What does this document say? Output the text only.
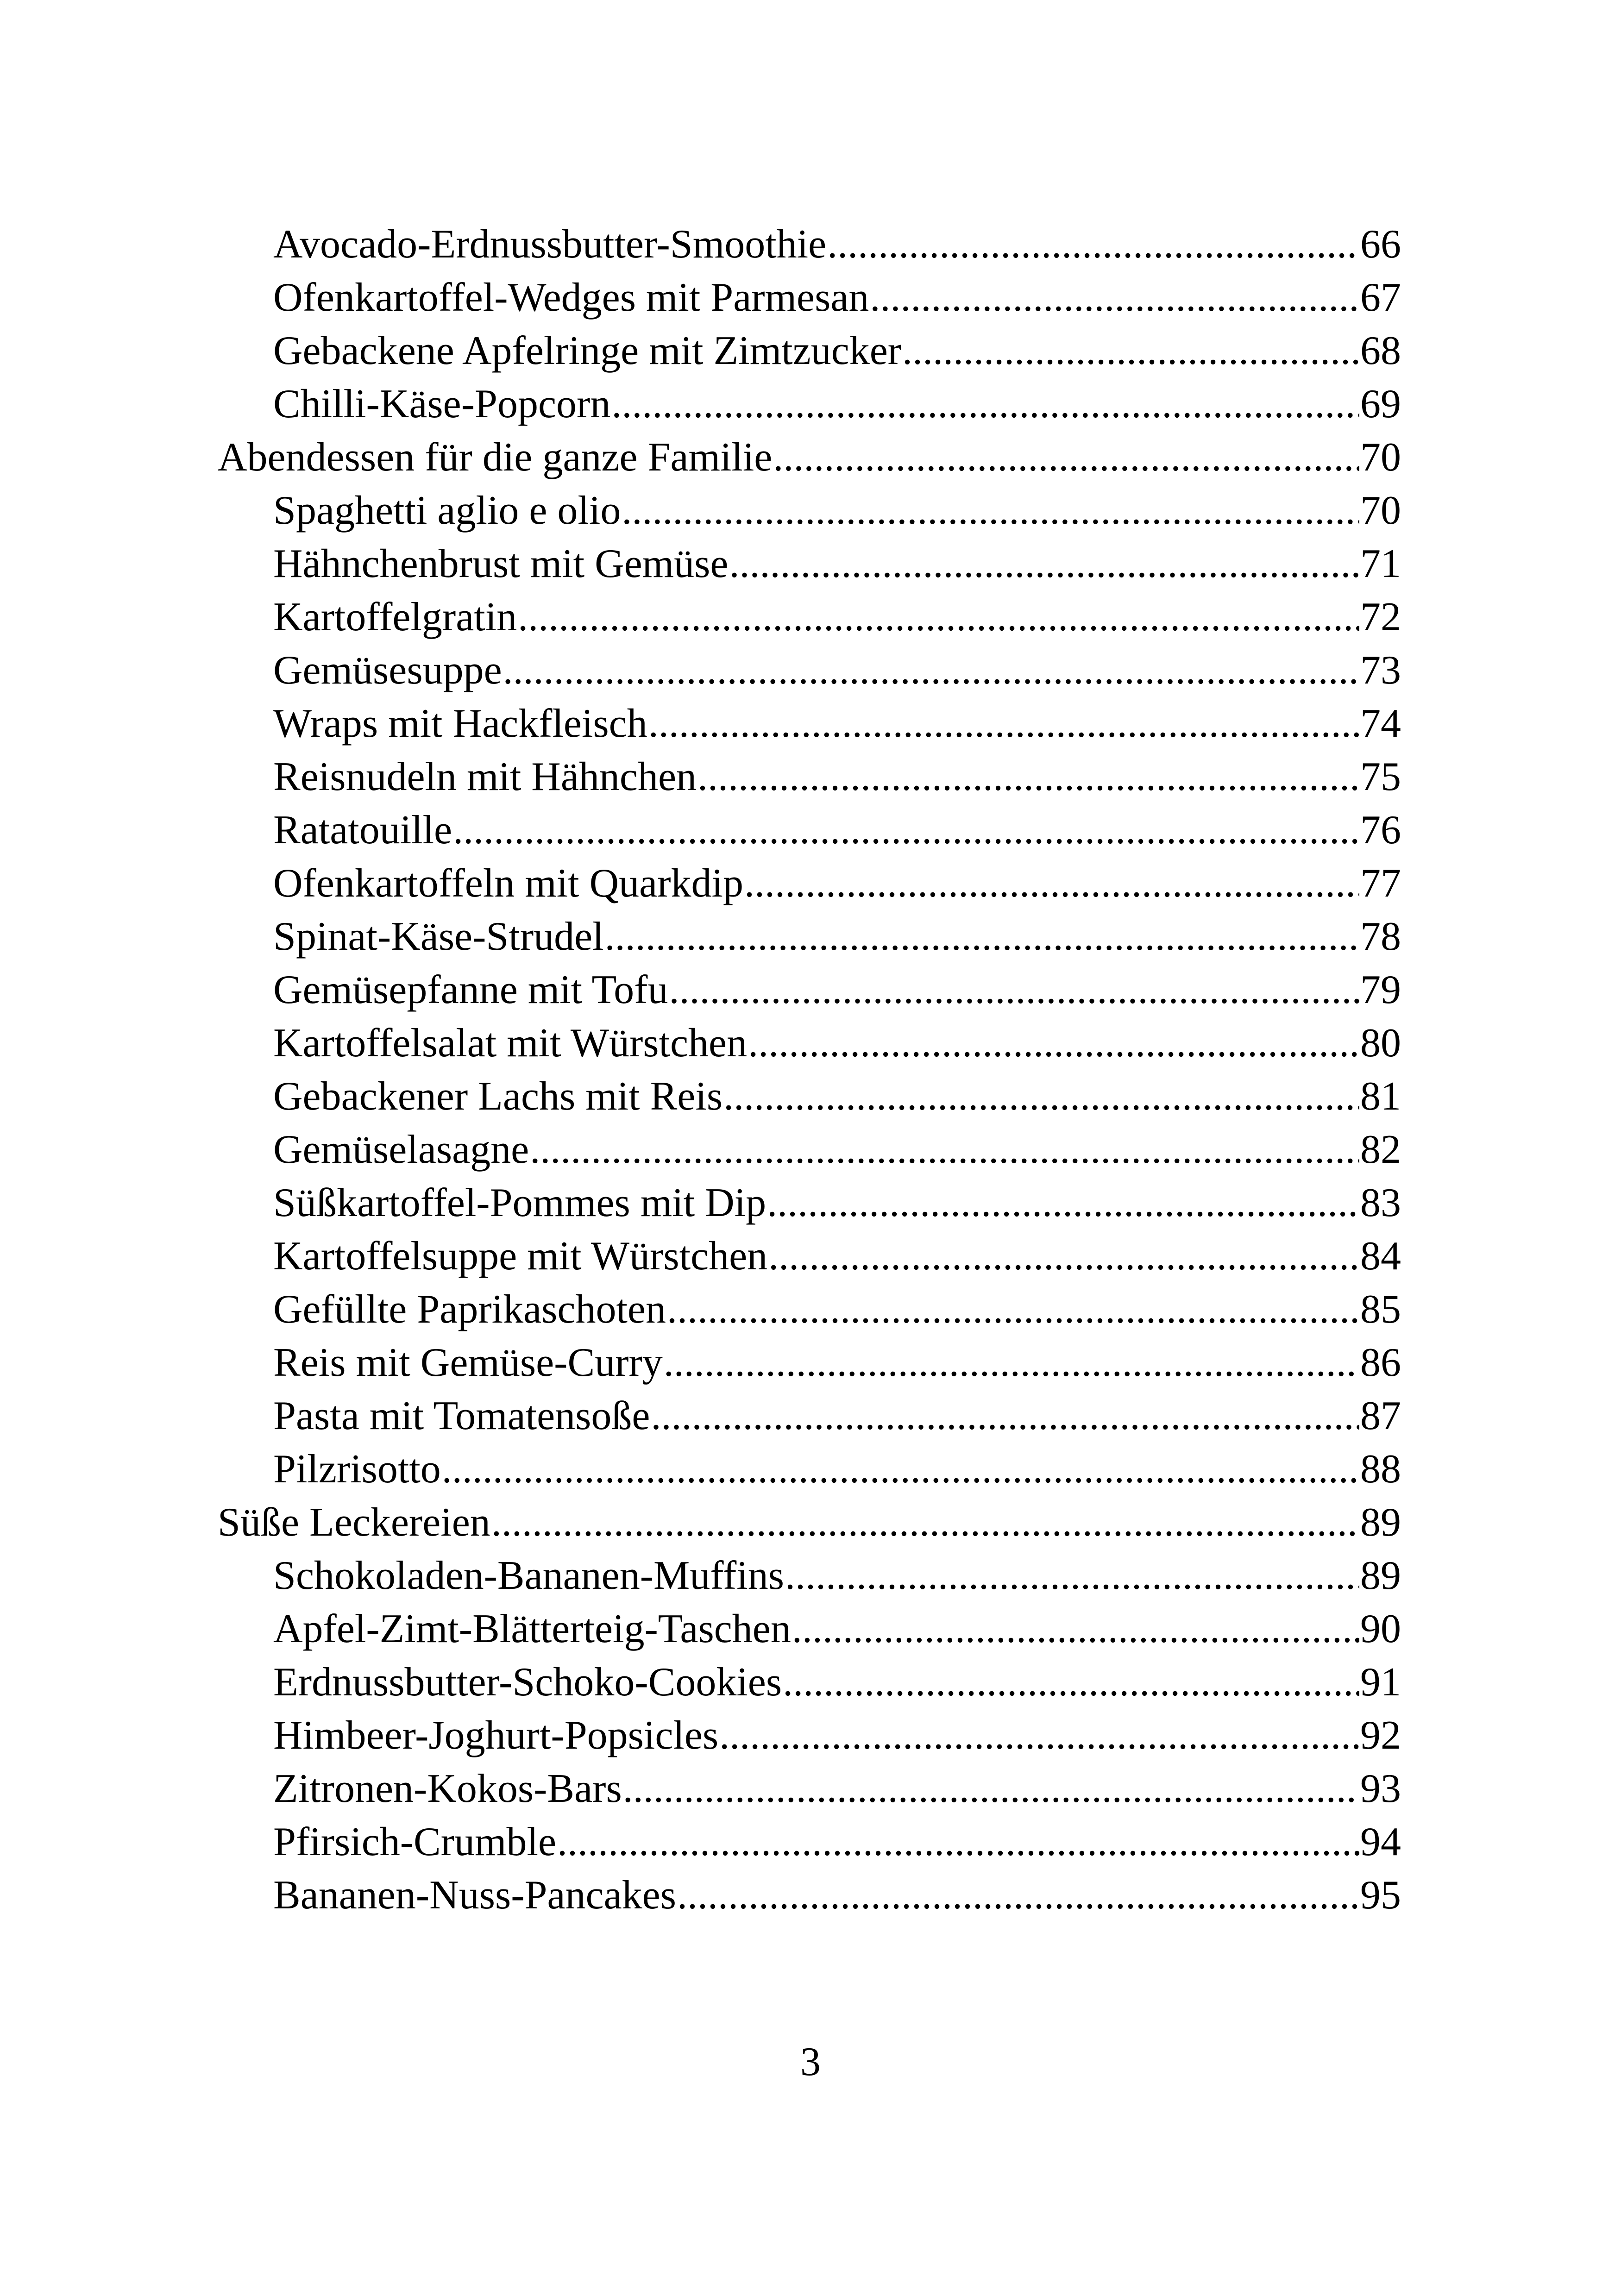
Avocado-Erdnussbutter-Smoothie .....	66
Ofenkartoffel-Wedges mit Parmesan .....	67
Gebackene Apfelringe mit Zimtzucker .....	68
Chilli-Käse-Popcorn .....	69
Abendessen für die ganze Familie .....	70
Spaghetti aglio e olio .....	70
Hähnchenbrust mit Gemüse .....	71
Kartoffelgratin .....	72
Gemüsesuppe .....	73
Wraps mit Hackfleisch .....	74
Reisnudeln mit Hähnchen .....	75
Ratatouille .....	76
Ofenkartoffeln mit Quarkdip .....	77
Spinat-Käse-Strudel .....	78
Gemüsepfanne mit Tofu .....	79
Kartoffelsalat mit Würstchen .....	80
Gebackener Lachs mit Reis .....	81
Gemüselasagne .....	82
Süßkartoffel-Pommes mit Dip .....	83
Kartoffelsuppe mit Würstchen .....	84
Gefüllte Paprikaschoten .....	85
Reis mit Gemüse-Curry .....	86
Pasta mit Tomatensoße .....	87
Pilzrisotto .....	88
Süße Leckereien .....	89
Schokoladen-Bananen-Muffins .....	89
Apfel-Zimt-Blätterteig-Taschen .....	90
Erdnussbutter-Schoko-Cookies .....	91
Himbeer-Joghurt-Popsicles .....	92
Zitronen-Kokos-Bars .....	93
Pfirsich-Crumble .....	94
Bananen-Nuss-Pancakes .....	95
3
